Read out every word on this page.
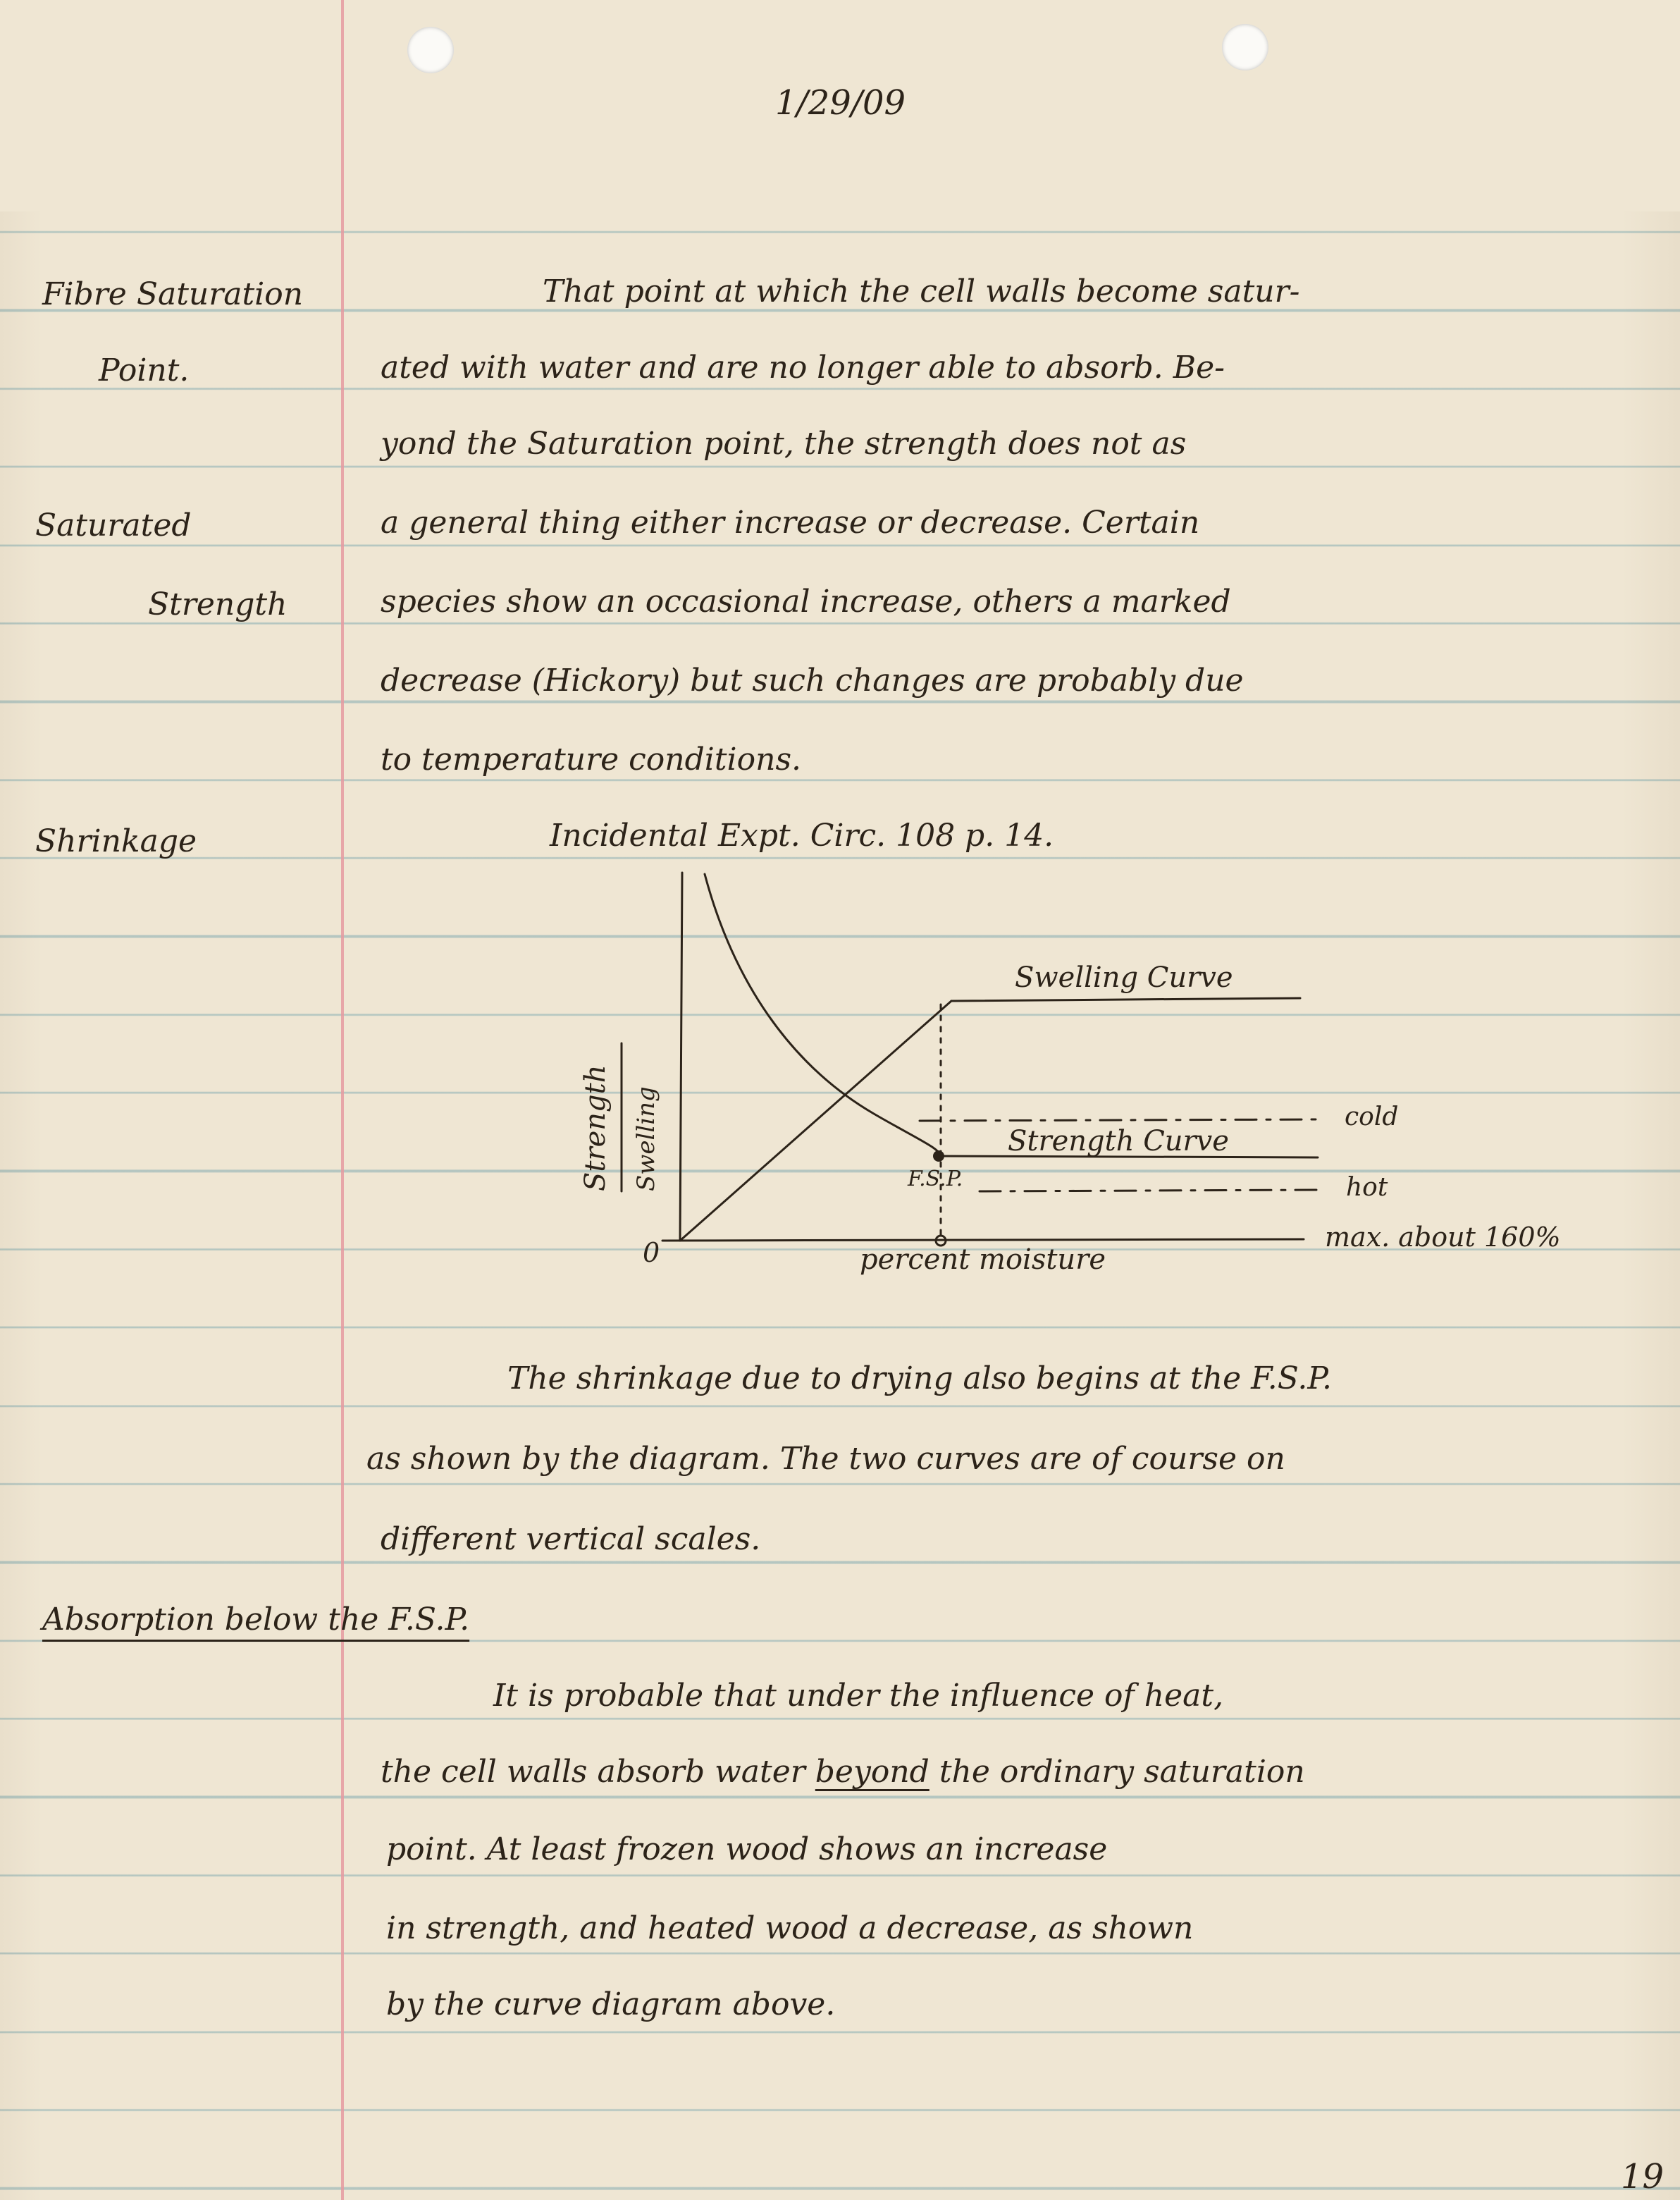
1/29/09
Fibre Saturation
Point.
Saturated
Strength
Shrinkage
That point at which the cell walls become satur-
ated with water and are no longer able to absorb. Be-
yond the Saturation point, the strength does not as
a general thing either increase or decrease. Certain
species show an occasional increase, others a marked
decrease (Hickory) but such changes are probably due
to temperature conditions.
Incidental Expt. Circ. 108 p. 14.
Strength Swelling
0	percent moisture
Swelling Curve
Strength Curve
cold
hot
F.S.P.
max. about 160%
The shrinkage due to drying also begins at the F.S.P.
as shown by the diagram. The two curves are of course on
different vertical scales.
Absorption below the F.S.P.
It is probable that under the influence of heat,
the cell walls absorb water beyond the ordinary saturation
point. At least frozen wood shows an increase
in strength, and heated wood a decrease, as shown
by the curve diagram above.
19
